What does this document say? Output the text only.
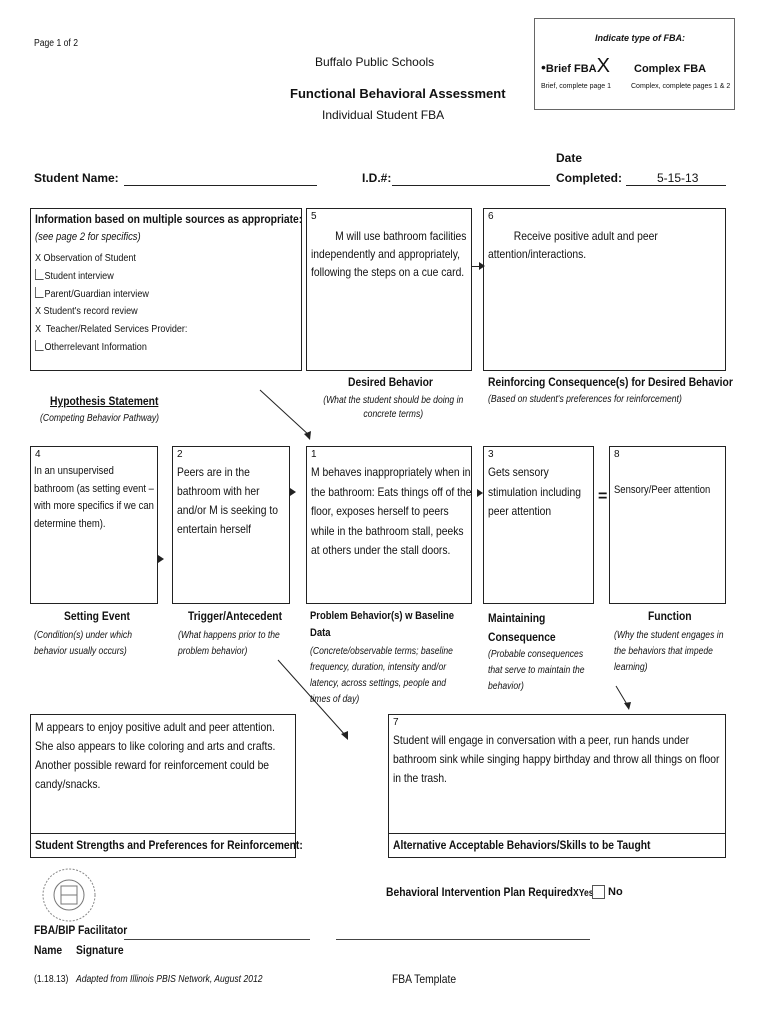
Page 1 of 2
Buffalo Public Schools
Functional Behavioral Assessment
Individual Student FBA
Indicate type of FBA:
•Brief FBAX Complex FBA
Brief, complete page 1	Complex, complete pages 1 & 2
Student Name:	I.D.#:
Date
Completed:	5-15-13
Information based on multiple sources as appropriate:
(see page 2 for specifics)
X Observation of Student
Student interview
Parent/Guardian interview
X Student's record review
X Teacher/Related Services Provider:
Otherrelevant Information
5
M will use bathroom facilities independently and appropriately, following the steps on a cue card.
Desired Behavior
(What the student should be doing in concrete terms)
6
Receive positive adult and peer attention/interactions.
Reinforcing Consequence(s) for Desired Behavior
(Based on student's preferences for reinforcement)
Hypothesis Statement
(Competing Behavior Pathway)
4
In an unsupervised bathroom (as setting event – with more specifics if we can determine them).
Setting Event
(Condition(s) under which behavior usually occurs)
2
Peers are in the bathroom with her and/or M is seeking to entertain herself
Trigger/Antecedent
(What happens prior to the problem behavior)
1
M behaves inappropriately when in the bathroom: Eats things off of the floor, exposes herself to peers while in the bathroom stall, peeks at others under the stall doors.
Problem Behavior(s) w Baseline Data
(Concrete/observable terms; baseline frequency, duration, intensity and/or latency, across settings, people and times of day)
3
Gets sensory stimulation including peer attention
Maintaining Consequence
(Probable consequences that serve to maintain the behavior)
=
8
Sensory/Peer attention
Function
(Why the student engages in the behaviors that impede learning)
M appears to enjoy positive adult and peer attention. She also appears to like coloring and arts and crafts. Another possible reward for reinforcement could be candy/snacks.
Student Strengths and Preferences for Reinforcement:
7
Student will engage in conversation with a peer, run hands under bathroom sink while singing happy birthday and throw all things on floor in the trash.
Alternative Acceptable Behaviors/Skills to be Taught
Behavioral Intervention Plan RequiredXYes No
FBA/BIP Facilitator
Name Signature
(1.18.13) Adapted from Illinois PBIS Network, August 2012	FBA Template
